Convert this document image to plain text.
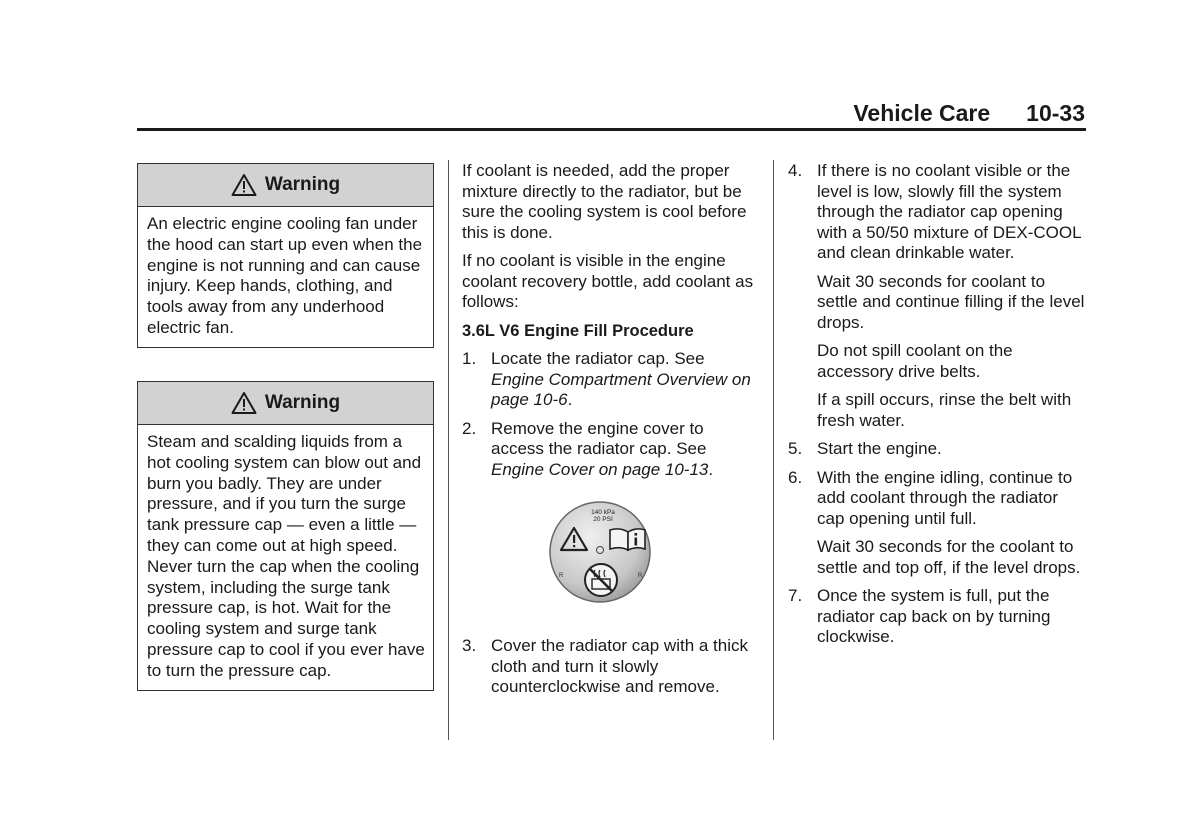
Vehicle Care 10-33
Warning
An electric engine cooling fan under the hood can start up even when the engine is not running and can cause injury. Keep hands, clothing, and tools away from any underhood electric fan.
Warning
Steam and scalding liquids from a hot cooling system can blow out and burn you badly. They are under pressure, and if you turn the surge tank pressure cap — even a little — they can come out at high speed. Never turn the cap when the cooling system, including the surge tank pressure cap, is hot. Wait for the cooling system and surge tank pressure cap to cool if you ever have to turn the pressure cap.

If coolant is needed, add the proper mixture directly to the radiator, but be sure the cooling system is cool before this is done.

If no coolant is visible in the engine coolant recovery bottle, add coolant as follows:

3.6L V6 Engine Fill Procedure
1. Locate the radiator cap. See Engine Compartment Overview on page 10-6.
2. Remove the engine cover to access the radiator cap. See Engine Cover on page 10-13.
140 kPa
20 PSI
R	R
3. Cover the radiator cap with a thick cloth and turn it slowly counterclockwise and remove.
4. If there is no coolant visible or the level is low, slowly fill the system through the radiator cap opening with a 50/50 mixture of DEX-COOL and clean drinkable water.
Wait 30 seconds for coolant to settle and continue filling if the level drops.
Do not spill coolant on the accessory drive belts.
If a spill occurs, rinse the belt with fresh water.
5. Start the engine.
6. With the engine idling, continue to add coolant through the radiator cap opening until full.
Wait 30 seconds for the coolant to settle and top off, if the level drops.
7. Once the system is full, put the radiator cap back on by turning clockwise.
